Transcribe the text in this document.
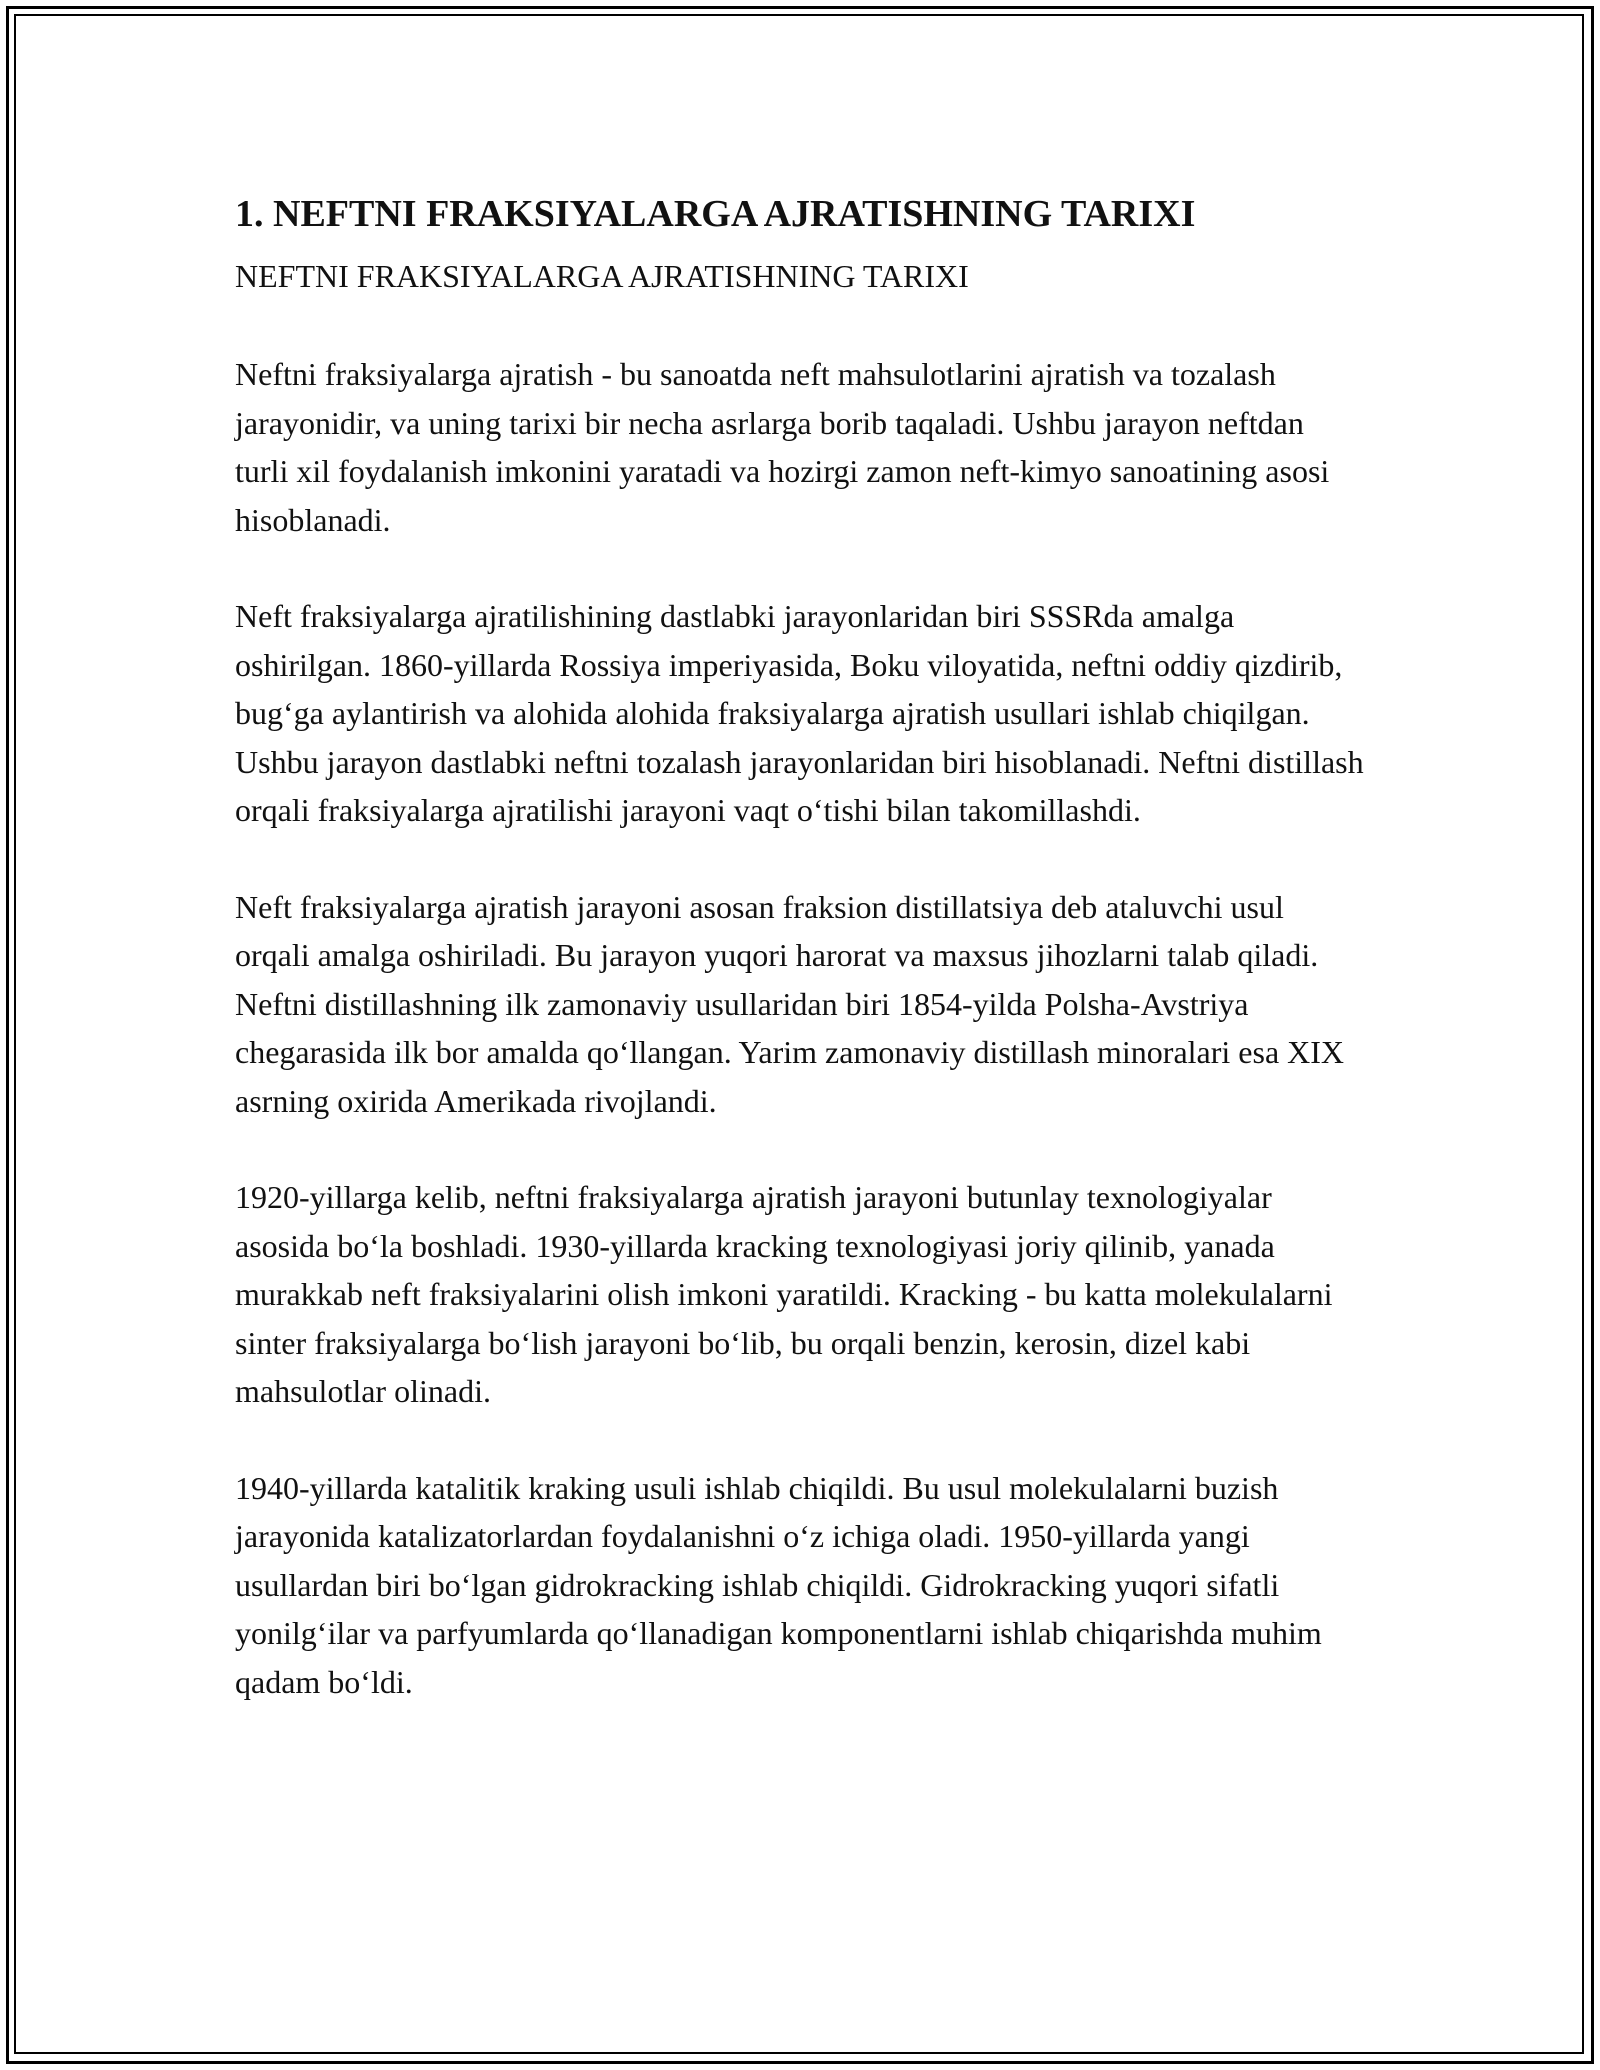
1. NEFTNI FRAKSIYALARGA AJRATISHNING TARIXI
NEFTNI FRAKSIYALARGA AJRATISHNING TARIXI

Neftni fraksiyalarga ajratish - bu sanoatda neft mahsulotlarini ajratish va tozalash jarayonidir, va uning tarixi bir necha asrlarga borib taqaladi. Ushbu jarayon neftdan turli xil foydalanish imkonini yaratadi va hozirgi zamon neft-kimyo sanoatining asosi hisoblanadi.

Neft fraksiyalarga ajratilishining dastlabki jarayonlaridan biri SSSRda amalga oshirilgan. 1860-yillarda Rossiya imperiyasida, Boku viloyatida, neftni oddiy qizdirib, bug‘ga aylantirish va alohida alohida fraksiyalarga ajratish usullari ishlab chiqilgan. Ushbu jarayon dastlabki neftni tozalash jarayonlaridan biri hisoblanadi. Neftni distillash orqali fraksiyalarga ajratilishi jarayoni vaqt o‘tishi bilan takomillashdi.

Neft fraksiyalarga ajratish jarayoni asosan fraksion distillatsiya deb ataluvchi usul orqali amalga oshiriladi. Bu jarayon yuqori harorat va maxsus jihozlarni talab qiladi. Neftni distillashning ilk zamonaviy usullaridan biri 1854-yilda Polsha-Avstriya chegarasida ilk bor amalda qo‘llangan. Yarim zamonaviy distillash minoralari esa XIX asrning oxirida Amerikada rivojlandi.

1920-yillarga kelib, neftni fraksiyalarga ajratish jarayoni butunlay texnologiyalar asosida bo‘la boshladi. 1930-yillarda kracking texnologiyasi joriy qilinib, yanada murakkab neft fraksiyalarini olish imkoni yaratildi. Kracking - bu katta molekulalarni sinter fraksiyalarga bo‘lish jarayoni bo‘lib, bu orqali benzin, kerosin, dizel kabi mahsulotlar olinadi.

1940-yillarda katalitik kraking usuli ishlab chiqildi. Bu usul molekulalarni buzish jarayonida katalizatorlardan foydalanishni o‘z ichiga oladi. 1950-yillarda yangi usullardan biri bo‘lgan gidrokracking ishlab chiqildi. Gidrokracking yuqori sifatli yonilg‘ilar va parfyumlarda qo‘llanadigan komponentlarni ishlab chiqarishda muhim qadam bo‘ldi.
